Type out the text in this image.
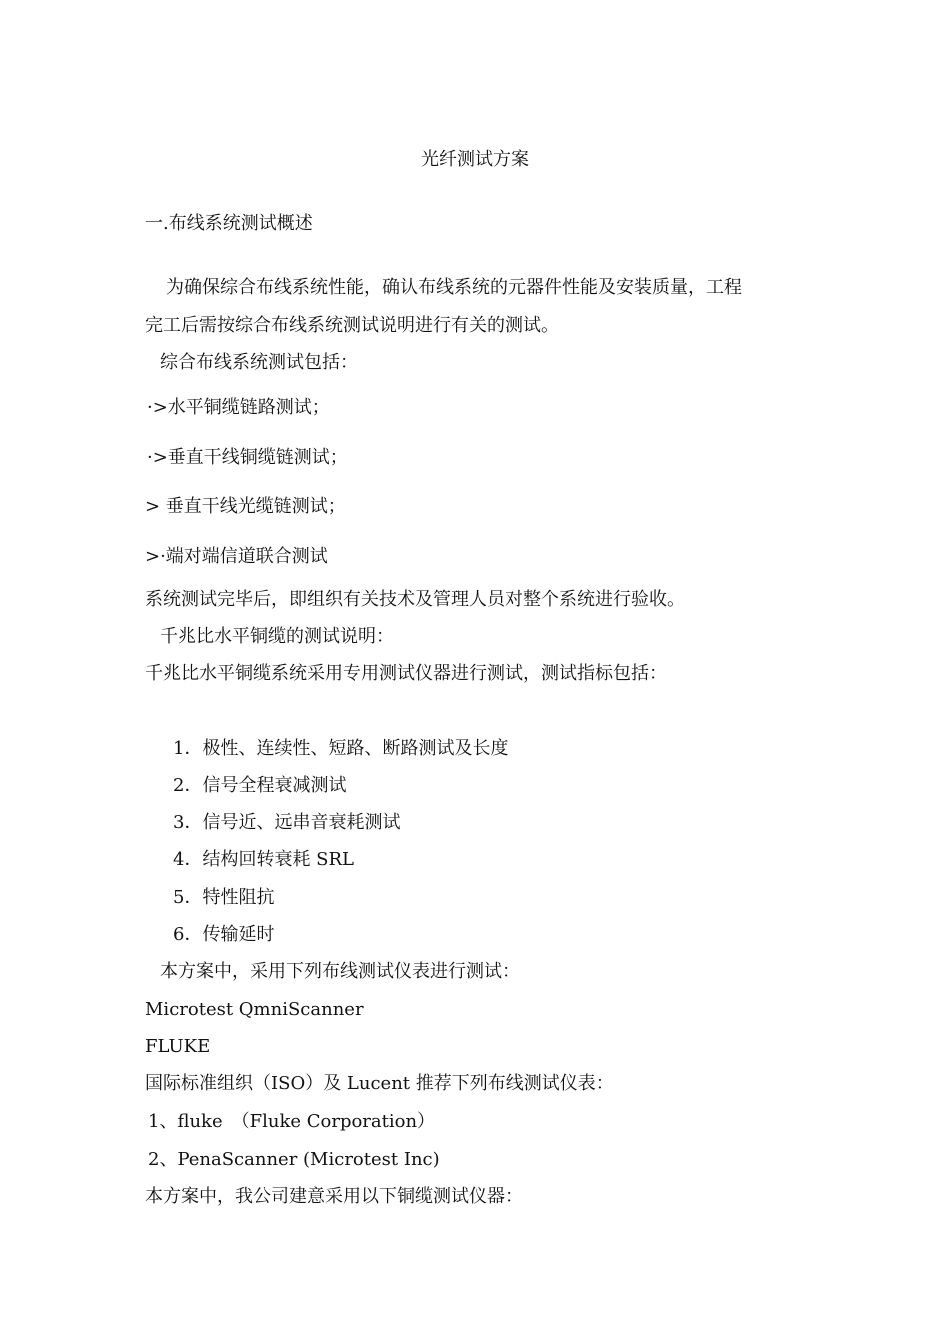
光纤测试方案
一.布线系统测试概述
为确保综合布线系统性能，确认布线系统的元器件性能及安装质量，工程
完工后需按综合布线系统测试说明进行有关的测试。
综合布线系统测试包括：
·>水平铜缆链路测试；
·>垂直干线铜缆链测试；
> 垂直干线光缆链测试；
>·端对端信道联合测试
系统测试完毕后，即组织有关技术及管理人员对整个系统进行验收。
千兆比水平铜缆的测试说明：
千兆比水平铜缆系统采用专用测试仪器进行测试，测试指标包括：
1．极性、连续性、短路、断路测试及长度
2．信号全程衰减测试
3．信号近、远串音衰耗测试
4．结构回转衰耗 SRL
5．特性阻抗
6．传输延时
本方案中，采用下列布线测试仪表进行测试：
Microtest QmniScanner
FLUKE
国际标准组织（ISO）及 Lucent 推荐下列布线测试仪表：
1、fluke　（Fluke Corporation）
2、PenaScanner (Microtest Inc)
本方案中，我公司建意采用以下铜缆测试仪器：
